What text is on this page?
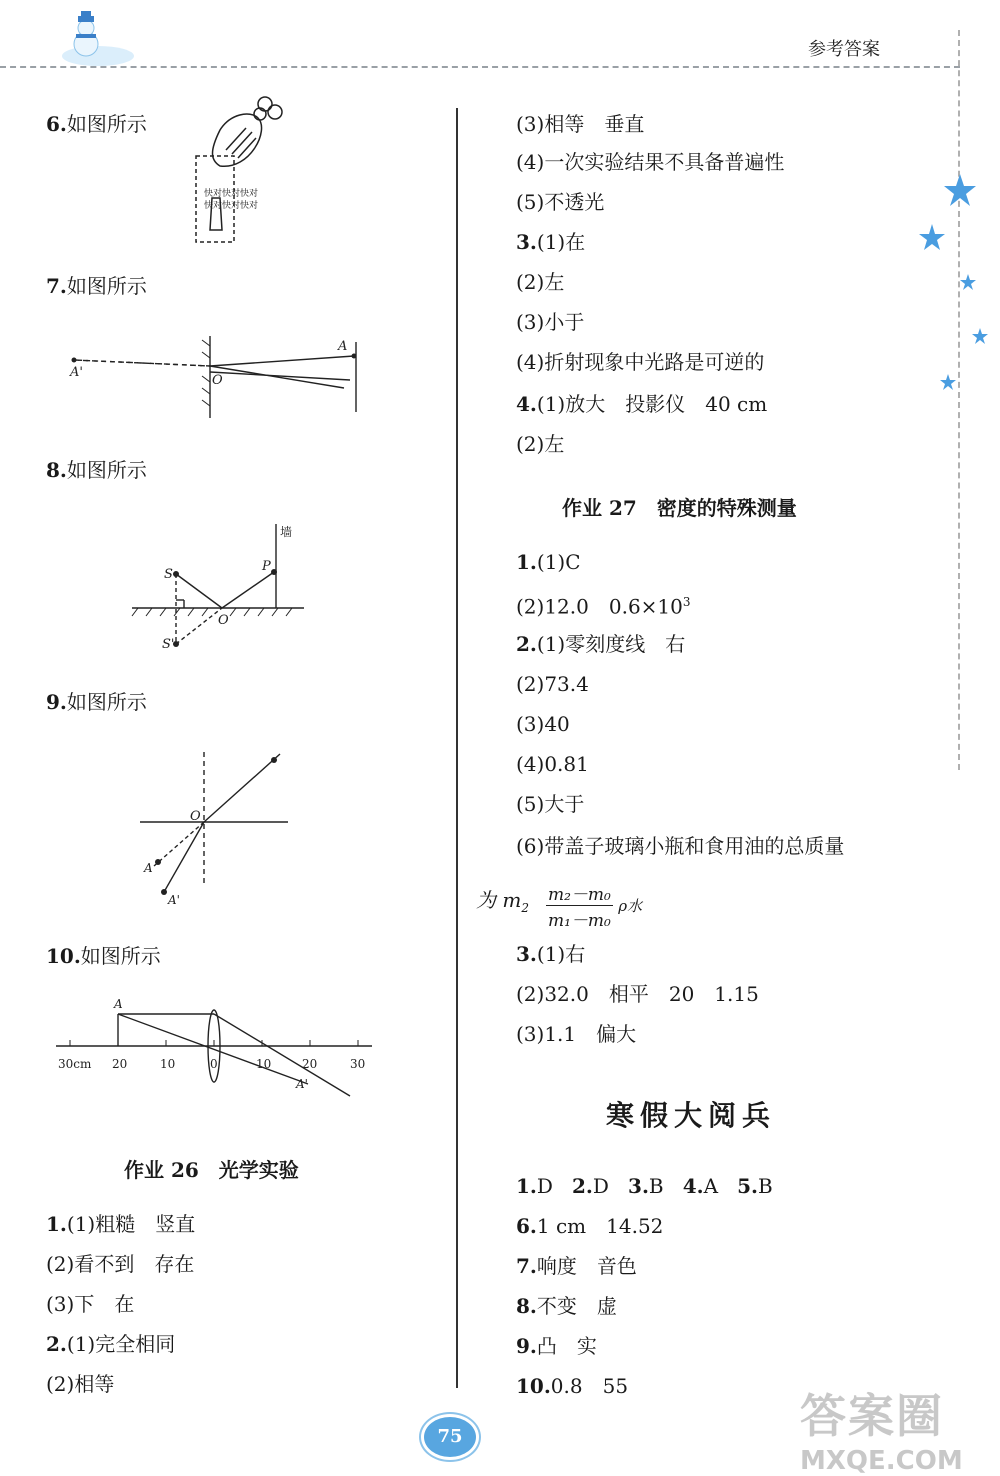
参考答案
6.如图所示
快对快对快对
快对快对快对
7.如图所示
A
A'
O
8.如图所示
墙
S
P
O
S'
9.如图所示
O
A
A'
10.如图所示
A
30cm 20	10	0	10	20	30
A'
作业 26　光学实验
1.(1)粗糙　竖直
(2)看不到　存在
(3)下　在
2.(1)完全相同
(2)相等
(3)相等　垂直
(4)一次实验结果不具备普遍性
(5)不透光
3.(1)在
(2)左
(3)小于
(4)折射现象中光路是可逆的
4.(1)放大　投影仪　40 cm
(2)左
作业 27　密度的特殊测量
1.(1)C
(2)12.0　$0.6\times 10^3$
2.(1)零刻度线　右
(2)73.4
(3)40
(4)0.81
(5)大于
(6)带盖子玻璃小瓶和食用油的总质量
为 $m_2 \frac{\text{m₂－m₀}}{\text{m₁－m₀}}$ ρ水
3.(1)右
(2)32.0　相平　20　1.15
(3)1.1　偏大
寒假大阅兵
1.D 2.D 3.B 4.A 5.B
6.1 cm　14.52
7.响度　音色
8.不变　虚
9.凸　实
10.0.8　55
75	答案圈
MXQE.COM
